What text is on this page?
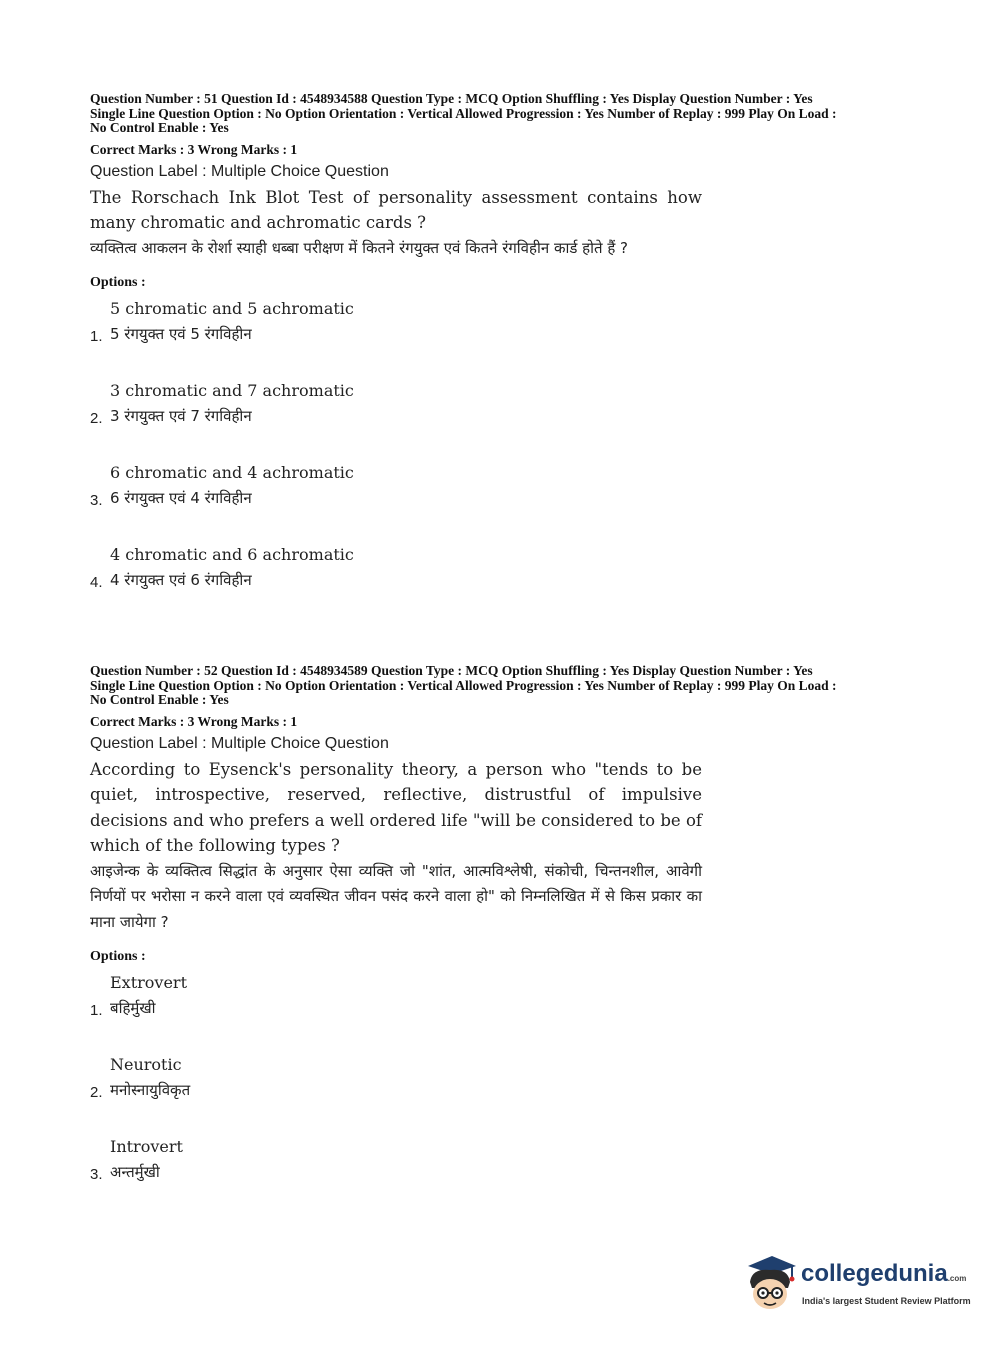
Question Number : 51 Question Id : 4548934588 Question Type : MCQ Option Shuffling : Yes Display Question Number : Yes
Single Line Question Option : No Option Orientation : Vertical Allowed Progression : Yes Number of Replay : 999 Play On Load :
No Control Enable : Yes
Correct Marks : 3 Wrong Marks : 1
Question Label : Multiple Choice Question
The Rorschach Ink Blot Test of personality assessment contains how many chromatic and achromatic cards ?
व्यक्तित्व आकलन के रोर्शा स्याही धब्बा परीक्षण में कितने रंगयुक्त एवं कितने रंगविहीन कार्ड होते हैं ?
Options :
1.
5 chromatic and 5 achromatic
5 रंगयुक्त एवं 5 रंगविहीन
2.
3 chromatic and 7 achromatic
3 रंगयुक्त एवं 7 रंगविहीन
3.
6 chromatic and 4 achromatic
6 रंगयुक्त एवं 4 रंगविहीन
4.
4 chromatic and 6 achromatic
4 रंगयुक्त एवं 6 रंगविहीन
Question Number : 52 Question Id : 4548934589 Question Type : MCQ Option Shuffling : Yes Display Question Number : Yes
Single Line Question Option : No Option Orientation : Vertical Allowed Progression : Yes Number of Replay : 999 Play On Load :
No Control Enable : Yes
Correct Marks : 3 Wrong Marks : 1
Question Label : Multiple Choice Question
According to Eysenck's personality theory, a person who "tends to be quiet, introspective, reserved, reflective, distrustful of impulsive decisions and who prefers a well ordered life "will be considered to be of which of the following types ?
आइजेन्क के व्यक्तित्व सिद्धांत के अनुसार ऐसा व्यक्ति जो "शांत, आत्मविश्लेषी, संकोची, चिन्तनशील, आवेगी निर्णयों पर भरोसा न करने वाला एवं व्यवस्थित जीवन पसंद करने वाला हो" को निम्नलिखित में से किस प्रकार का माना जायेगा ?
Options :
1.
Extrovert
बहिर्मुखी
2.
Neurotic
मनोस्नायुविकृत
3.
Introvert
अन्तर्मुखी
collegedunia.com
India's largest Student Review Platform
